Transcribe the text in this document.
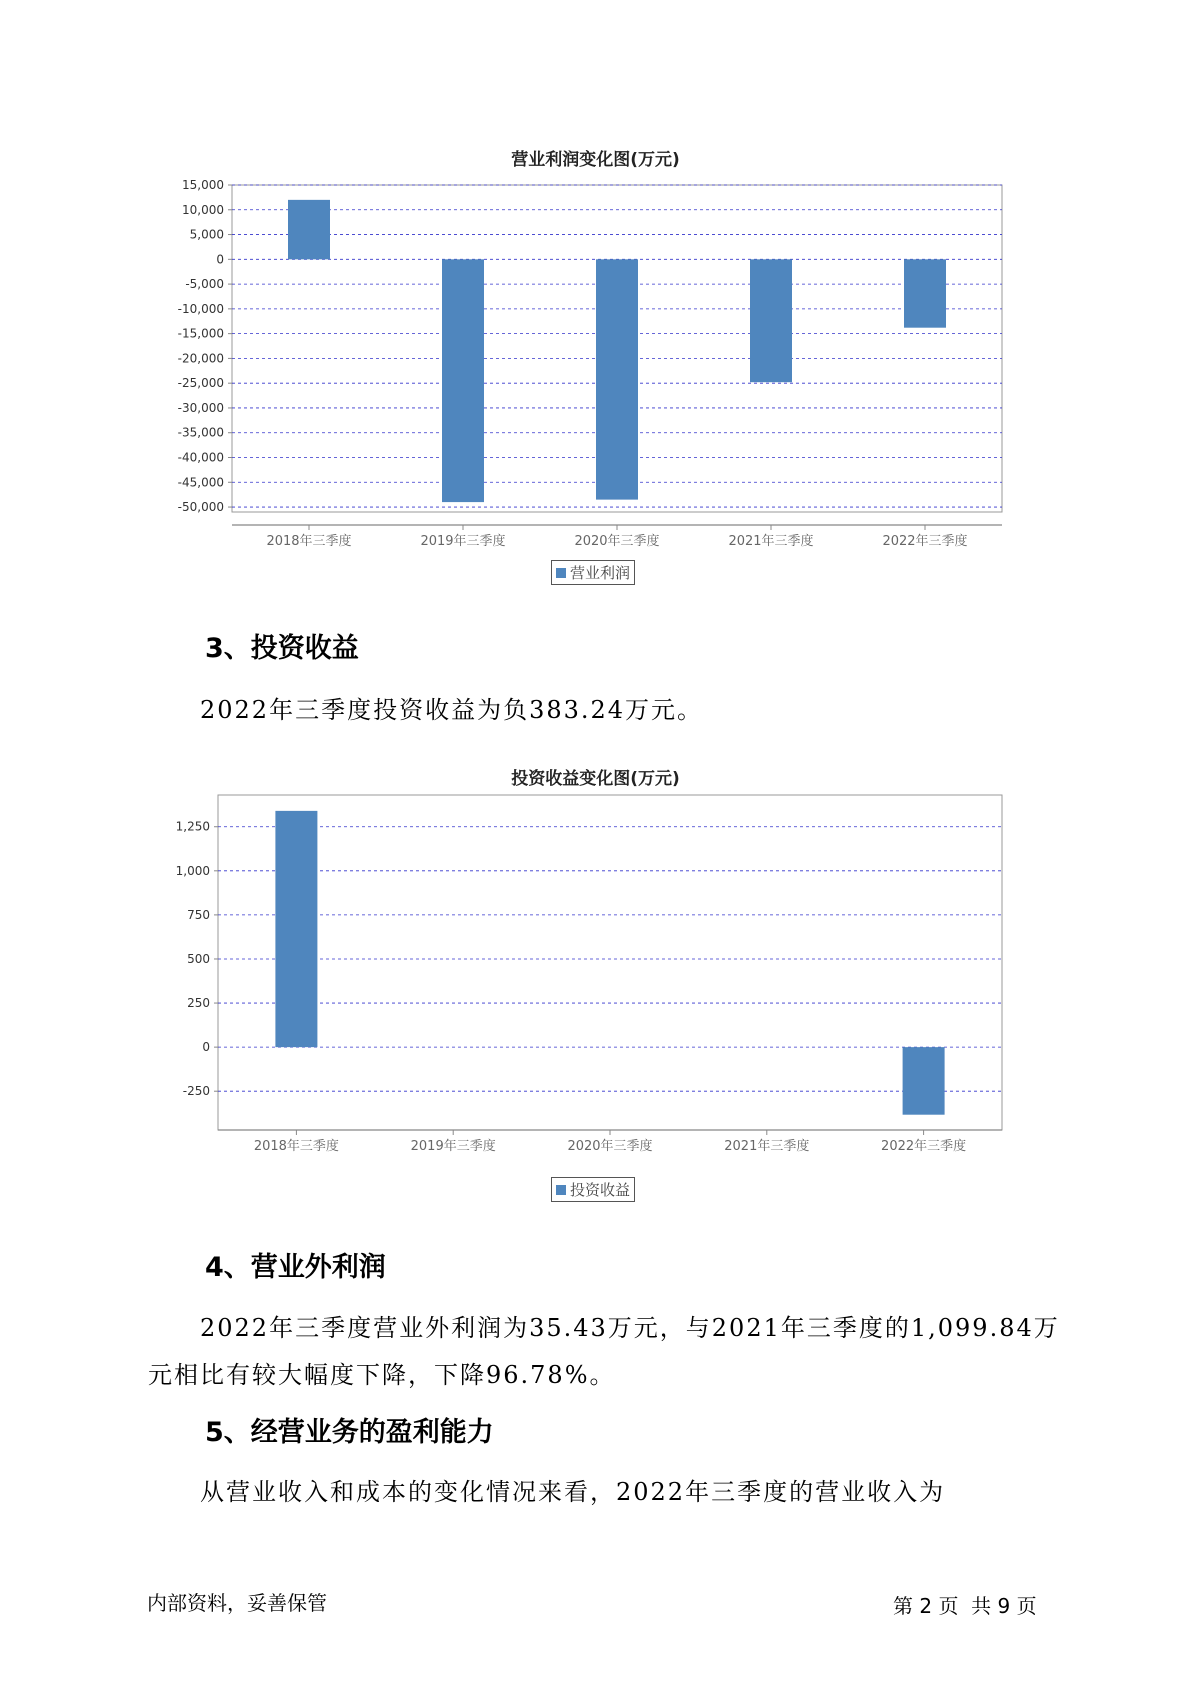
营业利润变化图(万元)
15,000
10,000
5,000
0
-5,000
-10,000
-15,000
-20,000
-25,000
-30,000
-35,000
-40,000
-45,000
-50,000
2018年三季度	2019年三季度	2020年三季度	2021年三季度	2022年三季度
营业利润
3、投资收益
2022年三季度投资收益为负383.24万元。
投资收益变化图(万元)
1,250
1,000
750
500
250
0
-250
2018年三季度	2019年三季度	2020年三季度	2021年三季度	2022年三季度
投资收益
4、营业外利润
2022年三季度营业外利润为35.43万元，与2021年三季度的1,099.84万
元相比有较大幅度下降，下降96.78%。
5、经营业务的盈利能力
从营业收入和成本的变化情况来看，2022年三季度的营业收入为
内部资料，妥善保管	第 2 页  共 9 页
